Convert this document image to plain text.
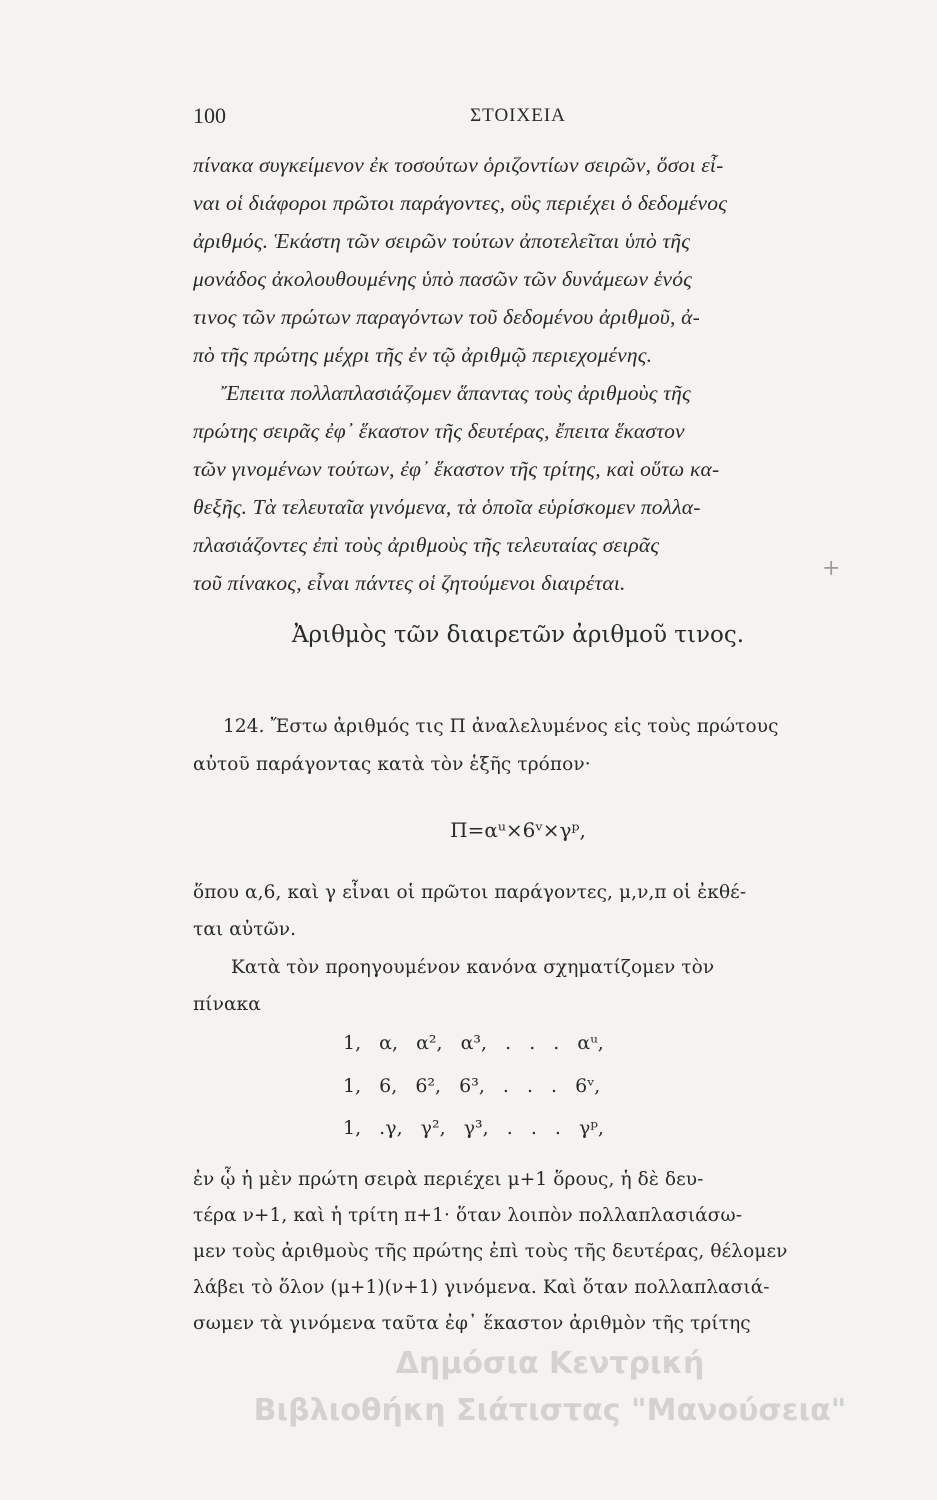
100	ΣΤΟΙΧΕΙΑ
πίνακα συγκείμενον ἐκ τοσούτων ὁριζοντίων σειρῶν, ὅσοι εἶ-
ναι οἱ διάφοροι πρῶτοι παράγοντες, οὓς περιέχει ὁ δεδομένος
ἀριθμός. Ἑκάστη τῶν σειρῶν τούτων ἀποτελεῖται ὑπὸ τῆς
μονάδος ἀκολουθουμένης ὑπὸ πασῶν τῶν δυνάμεων ἑνός
τινος τῶν πρώτων παραγόντων τοῦ δεδομένου ἀριθμοῦ, ἀ-
πὸ τῆς πρώτης μέχρι τῆς ἐν τῷ ἀριθμῷ περιεχομένης.
Ἔπειτα πολλαπλασιάζομεν ἅπαντας τοὺς ἀριθμοὺς τῆς
πρώτης σειρᾶς ἐφ᾽ ἕκαστον τῆς δευτέρας, ἔπειτα ἕκαστον
τῶν γινομένων τούτων, ἐφ᾽ ἕκαστον τῆς τρίτης, καὶ οὕτω κα-
θεξῆς. Τὰ τελευταῖα γινόμενα, τὰ ὁποῖα εὑρίσκομεν πολλα-
πλασιάζοντες ἐπὶ τοὺς ἀριθμοὺς τῆς τελευταίας σειρᾶς
τοῦ πίνακος, εἶναι πάντες οἱ ζητούμενοι διαιρέται.
+
Ἀριθμὸς τῶν διαιρετῶν ἀριθμοῦ τινος.
124. Ἔστω ἀριθμός τις Π ἀναλελυμένος εἰς τοὺς πρώτους
αὐτοῦ παράγοντας κατὰ τὸν ἑξῆς τρόπον·
Π=αᵘ×6ᵛ×γᵖ,
ὅπου α,6, καὶ γ εἶναι οἱ πρῶτοι παράγοντες, μ,ν,π οἱ ἐκθέ-
ται αὐτῶν.
Κατὰ τὸν προηγουμένον κανόνα σχηματίζομεν τὸν
πίνακα
1, α, α², α³, . . . αᵘ,
1, 6, 6², 6³, . . . 6ᵛ,
1, .γ, γ², γ³, . . . γᵖ,
ἐν ᾧ ἡ μὲν πρώτη σειρὰ περιέχει μ+1 ὅρους, ἡ δὲ δευ-
τέρα ν+1, καὶ ἡ τρίτη π+1· ὅταν λοιπὸν πολλαπλασιάσω-
μεν τοὺς ἀριθμοὺς τῆς πρώτης ἐπὶ τοὺς τῆς δευτέρας, θέλομεν
λάβει τὸ ὅλον (μ+1)(ν+1) γινόμενα. Καὶ ὅταν πολλαπλασιά-
σωμεν τὰ γινόμενα ταῦτα ἐφ᾽ ἕκαστον ἀριθμὸν τῆς τρίτης
Δημόσια Κεντρική
Βιβλιοθήκη Σιάτιστας "Μανούσεια"
